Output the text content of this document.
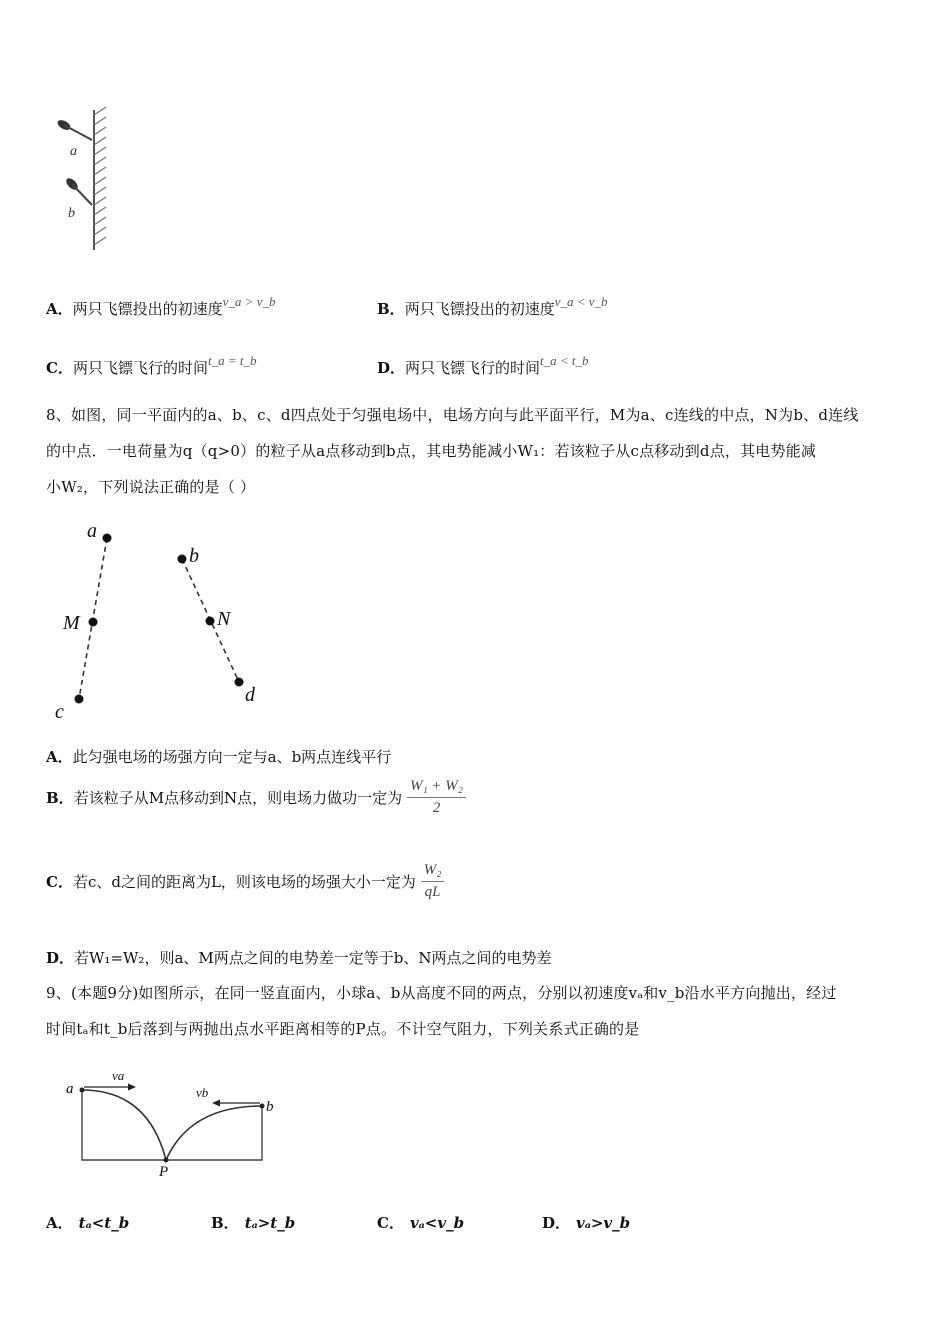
a
b
A．两只飞镖投出的初速度v_a > v_b	B．两只飞镖投出的初速度v_a < v_b
C．两只飞镖飞行的时间t_a = t_b	D．两只飞镖飞行的时间t_a < t_b
8、如图，同一平面内的a、b、c、d四点处于匀强电场中，电场方向与此平面平行，M为a、c连线的中点，N为b、d连线
的中点．一电荷量为q（q>0）的粒子从a点移动到b点，其电势能减小W₁：若该粒子从c点移动到d点，其电势能减
小W₂，下列说法正确的是（ ）
a
M
c
b
N
d
A．此匀强电场的场强方向一定与a、b两点连线平行
B．若该粒子从M点移动到N点，则电场力做功一定为 $\frac{\text{W₁ + W₂}}{2}$
C．若c、d之间的距离为L，则该电场的场强大小一定为 $\frac{\text{W₂}}{qL}$
D．若W₁=W₂，则a、M两点之间的电势差一定等于b、N两点之间的电势差
9、(本题9分)如图所示，在同一竖直面内，小球a、b从高度不同的两点，分别以初速度vₐ和v_b沿水平方向抛出，经过
时间tₐ和t_b后落到与两抛出点水平距离相等的P点。不计空气阻力，下列关系式正确的是
a
va
vb
b
P
A． tₐ<t_b	B． tₐ>t_b	C． vₐ<v_b	D． vₐ>v_b
